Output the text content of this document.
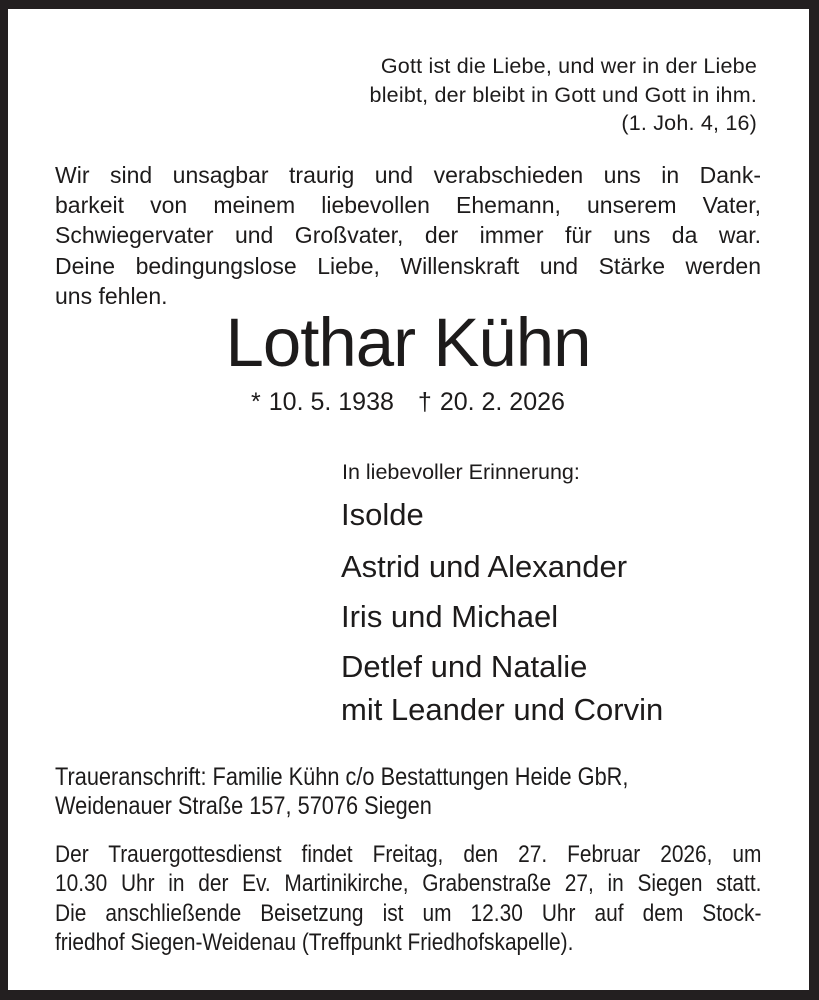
Gott ist die Liebe, und wer in der Liebe
bleibt, der bleibt in Gott und Gott in ihm.
(1. Joh. 4, 16)
Wir sind unsagbar traurig und verabschieden uns in Dank-
barkeit von meinem liebevollen Ehemann, unserem Vater,
Schwiegervater und Großvater, der immer für uns da war.
Deine bedingungslose Liebe, Willenskraft und Stärke werden
uns fehlen.
Lothar Kühn
* 10. 5. 1938 † 20. 2. 2026
In liebevoller Erinnerung:
Isolde
Astrid und Alexander
Iris und Michael
Detlef und Natalie
mit Leander und Corvin
Traueranschrift: Familie Kühn c/o Bestattungen Heide GbR,
Weidenauer Straße 157, 57076 Siegen
Der Trauergottesdienst findet Freitag, den 27. Februar 2026, um
10.30 Uhr in der Ev. Martinikirche, Grabenstraße 27, in Siegen statt.
Die anschließende Beisetzung ist um 12.30 Uhr auf dem Stock-
friedhof Siegen-Weidenau (Treffpunkt Friedhofskapelle).
